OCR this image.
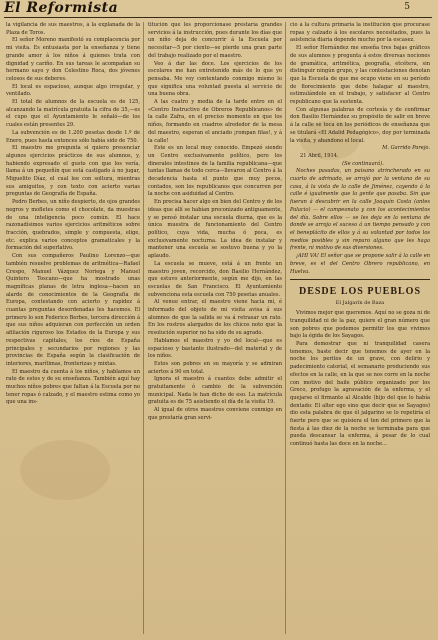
El Reformista	5

la vigilancia de sus maestros, á la explanada de la Plaza de Toros.

El señor Moreno manifestó su complacencia por mi visita. Es entusiasta por la enseñanza y tiene grande amor á los niños á quienes trata con dignidad y cariño. En sus tareas le acompañan su hermano sayo y don Celestino Roca, dos jóvenes celosos de sus deberes.

El local es espacioso, aunque algo irregular, y ventilado.

El total de alumnos de la escuela es de 125, alcanzando la matrícula gratuita la cifra de 35,—es el cupo que el Ayuntamiento le señaló—de los cuales están presentes 29.

La subvención es de 1.200 pesetas desde 1.º de Enero, pues hasta entonces sólo había sido de 750.

El maestro me pregunta si quiero presenciar algunos ejercicios prácticos de sus alumnos, y, habiendo expresado el gusto con que los vería, llama á un pequeñín que está castigado á no jugar, Miguelito Díaz, el cual lee con soltura, mientras sus amiguitos, y con texto con acierto varias preguntas de Geografía de España.

Pedro Berbes, un niño despierto, de ojos grandes negros y mofletes como el chocolate, da muestras de una inteligencia poco común. El hace razonadísimos varios ejercicios aritméticos sobre fracción, quebrados, simple y compuesta, elige, etc. explica varios conceptos gramaticales y la formación del superlativo.

Con sus compañeros Paulino Lorenzo—que también resuelve problemas de aritmética—Rafael Crespo, Manuel Vázquez Noriega y Manuel Quintero Toscano—que ha mostrado unas magníficas planas de letra inglesa—hacen un alarde de conocimientos de la Geografía de Europa, contestando con acierto y rapidez á cuantas preguntas desordenadas les hacemos. El primero lo son Federico Berbes, tercera dirección á que sus niños adquieran con perfección un orden afiliación riguroso los Estados de la Europa y sus respectivas capitales, los ríos de España principales y secundarios por regiones y las provincias de España según la clasificación de interiores, marítimas, fronterizas y mixtas.

El maestro da cuenta á los niños, y hablamos un rato de estos y de su enseñanza. También aquí hay muchos niños pobres que faltan á la Escuela por no tener ropas ó calzado, y el maestro estima como yo que una ins-

titución que les proporcionase prestaría grandes servicios á la instrucción, pues durante los días que un niño deja de concurrir á la Escuela por necesitar—5 por ciento—se pierde una gran parte del trabajo realizado por el maestro.

Veo á dar las doce. Los ejercicios de los escolares me han entretenido más de lo que yo pensaba. Me voy contentando conmigo mismo lo que significa una voluntad puesta al servicio de una buena obra.

A las cuatro y media de la tarde entro en el «Centro Instructivo de Obreros Republicanos» de la calle Zafra, en el preciso momento en que los niños, formando en cuadros alrededor de la mesa del maestro, esperan el anciado ¡rompan filas!, y á la calle!

Este es un local muy conocido. Empezó siendo un Centro exclusivamente político, pero los dinerales intestinos de la familia republicana—que tantas llamas de todo cerca—llevaron al Centro á la decadencia hasta el punto que muy pocos, contados, son los republicanos que concurren por la noche con asiduidad al Centro.

En precisa hacer algo en bien del Centro y de los ideas que allí se habían preconizado antiguamente, y se pensó instalar una escuela diurna, que es la única muestra de funcionamiento del Centro político, cuya vida, mucha ó poca, es exclusivamente nocturna. La idea de instalar y mantener una escuela se sostuvo buena y yo la aplaudo.

La escuela se mueve, está á un frente un maestro joven, recorcido, don Basilio Hernández, que estuvo anteriormente, según me dijo, en las escuelas de San Francisco. El Ayuntamiento subvenciona esta escuela con 750 pesetas anuales.

Al venue entrar, el maestro viene hacia mí, é informado del objeto de mi visita avisa á sus alumnos de que la salida se va á retrasar un rato. En los rostros alargados de los chicos noto que la resolución superior no ha sido de su agrado.

Hablamos el maestro y yo del local—que es espacioso y bastante ilustrado—del material y de los niños.

Estos son pobres en su mayoría y se admiran aciertos á 90 en total.

Ignora el maestro á cuantos debe admitir el gratuitamente ó cambio de la subvención municipal. Nada le han dicho de eso. La matrícula gratuita es de 75 asistiendo el día de la visita 19.

Al igual de otros maestros conviene conmigo en que prestaría gran servi-

cio á la cultura primaria la institución que procurase ropas y calzado á los escolares necesitados, pues la asistencia diaria depende mucho por la escasez.

El señor Hernández me enseña tres bajas gráficos de sus alumnos y pregunta á estos diversas nociones de gramática, aritmética, geografía, etcétera, sin distinguir ningún grupo, y las contestaciones denotan que la Escuela de que me ocupo viene en su período de florecimiento que debe halagar al maestro, estimulándole en el trabajo, y satisfacer al Centro republicano que la sustenta.

Con algunas palabras de cortesía y de confirmar don Basilio Hernández su propósito de salir en breve á la calle se toca en los periódicos de enseñanza que se titulará «El Adalid Pedagógico», doy por terminada la visita, y abandono el local.

M. Garrido Parejo.

21 Abril, 1914.

(Se continuará).

Noches pasadas, un paisano atrincherado en su cuarto de adrinado, se arrojó por la ventana de su casa, á la vista de la calle de Jiménez, cayendo á la calle é igualmente que la gente que pasaba. Sin que fueran á descubrir en la calle Joaquín Costa (antes Palacio) — el campeonato y con los acontecimientos del día. Sobre ellos — se les deja en la ventana de donde se arroja el suceso á un tiempo pensado y con el beneplácito de ellos y á su voluntad por todos los medios posibles y sin reparo alguno que les haga frente, ni motivo de sus diversiones.

¡AHI VA! El señor que se propone salir á la calle en breve, es el del Centro Obrero republicano, en Huelva.

DESDE LOS PUEBLOS
El Jalgarín de Baza

Vivimos mejor que queremos. Aquí no se goza ni de tranquilidad ni de la paz, quiere el gran número que son pobres que podemos permitir los que vivimos bajo la égida de los Sayagos.

Para demostrar que ni tranquilidad casera tenemos, baste decir que tenemos de ayer en la noche los peritos de un grave, con delirio y padecimiento catorial, el semanario produciendo sus efectos en la calle, en la que se nos corre en la noche con motivo del baile público organizado por los Greco, profugo la agravación de la enferma, y el quejarse el firmante al Alcalde (hijo del que lo había dentado: El alter ego sino que decir que se Sayagos) dio esta palabra de que él jalgarino se lo repetiría el fuerte pero que se quisiera el ten del primero que la fiesta á las diez de la noche se terminaba para que pueda descansar la enferma, á pesar de lo cual continuó hasta las doce en la noche...
